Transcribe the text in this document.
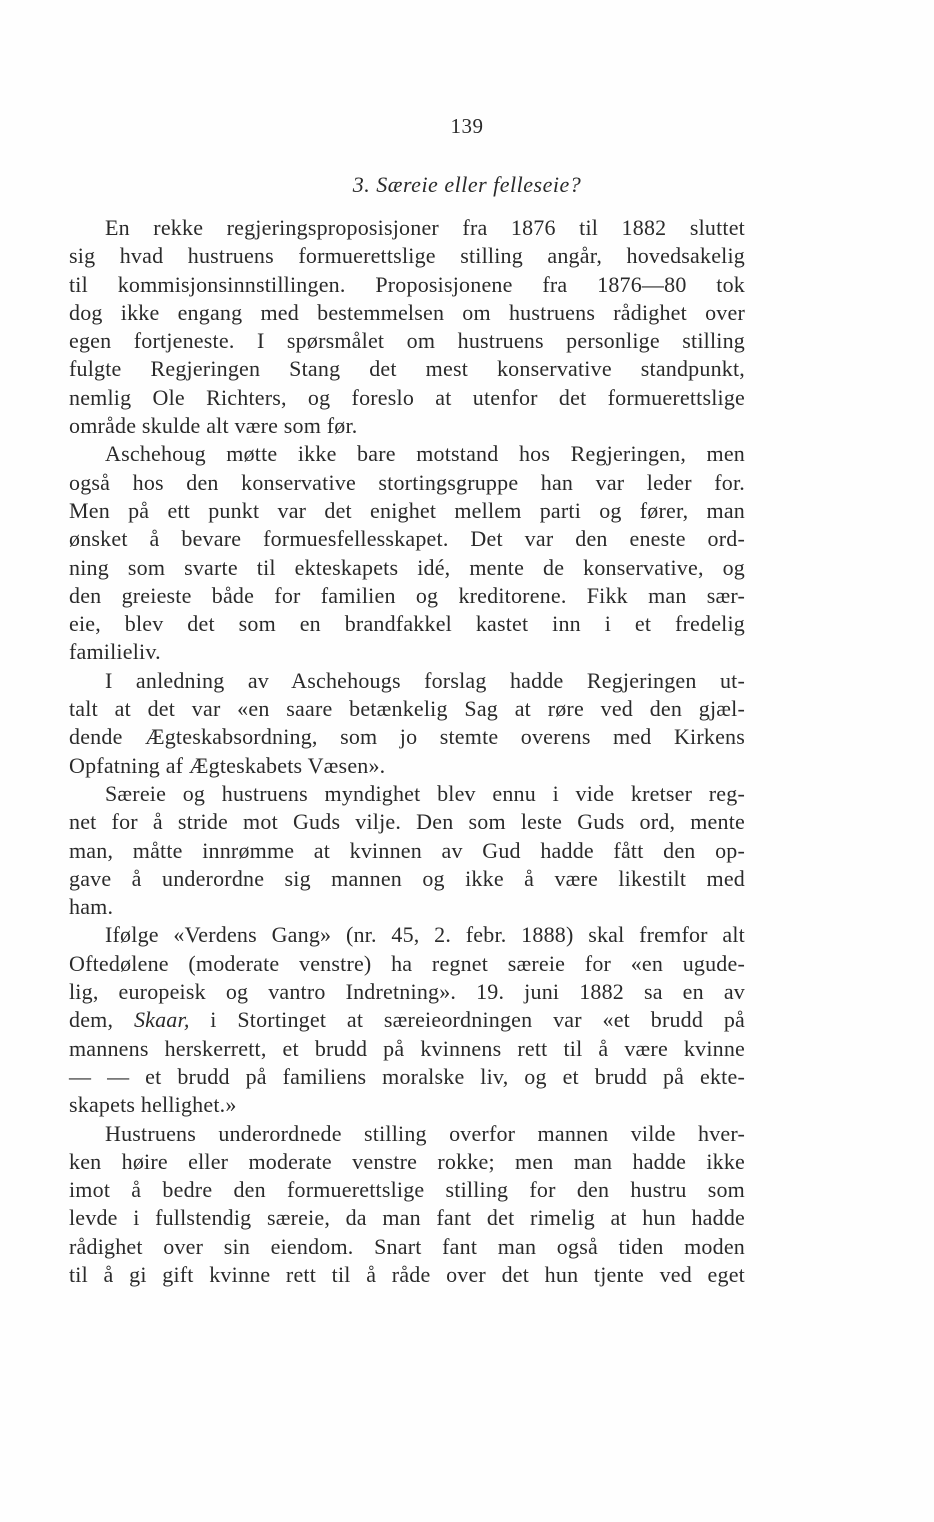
139
3. Særeie eller felleseie?
En rekke regjeringsproposisjoner fra 1876 til 1882 sluttet
sig hvad hustruens formuerettslige stilling angår, hovedsakelig
til kommisjonsinnstillingen. Proposisjonene fra 1876—80 tok
dog ikke engang med bestemmelsen om hustruens rådighet over
egen fortjeneste. I spørsmålet om hustruens personlige stilling
fulgte Regjeringen Stang det mest konservative standpunkt,
nemlig Ole Richters, og foreslo at utenfor det formuerettslige
område skulde alt være som før.
Aschehoug møtte ikke bare motstand hos Regjeringen, men
også hos den konservative stortingsgruppe han var leder for.
Men på ett punkt var det enighet mellem parti og fører, man
ønsket å bevare formuesfellesskapet. Det var den eneste ord-
ning som svarte til ekteskapets idé, mente de konservative, og
den greieste både for familien og kreditorene. Fikk man sær-
eie, blev det som en brandfakkel kastet inn i et fredelig
familieliv.
I anledning av Aschehougs forslag hadde Regjeringen ut-
talt at det var «en saare betænkelig Sag at røre ved den gjæl-
dende Ægteskabsordning, som jo stemte overens med Kirkens
Opfatning af Ægteskabets Væsen».
Særeie og hustruens myndighet blev ennu i vide kretser reg-
net for å stride mot Guds vilje. Den som leste Guds ord, mente
man, måtte innrømme at kvinnen av Gud hadde fått den op-
gave å underordne sig mannen og ikke å være likestilt med
ham.
Ifølge «Verdens Gang» (nr. 45, 2. febr. 1888) skal fremfor alt
Oftedølene (moderate venstre) ha regnet særeie for «en ugude-
lig, europeisk og vantro Indretning». 19. juni 1882 sa en av
dem, Skaar, i Stortinget at særeieordningen var «et brudd på
mannens herskerrett, et brudd på kvinnens rett til å være kvinne
— — et brudd på familiens moralske liv, og et brudd på ekte-
skapets hellighet.»
Hustruens underordnede stilling overfor mannen vilde hver-
ken høire eller moderate venstre rokke; men man hadde ikke
imot å bedre den formuerettslige stilling for den hustru som
levde i fullstendig særeie, da man fant det rimelig at hun hadde
rådighet over sin eiendom. Snart fant man også tiden moden
til å gi gift kvinne rett til å råde over det hun tjente ved eget
